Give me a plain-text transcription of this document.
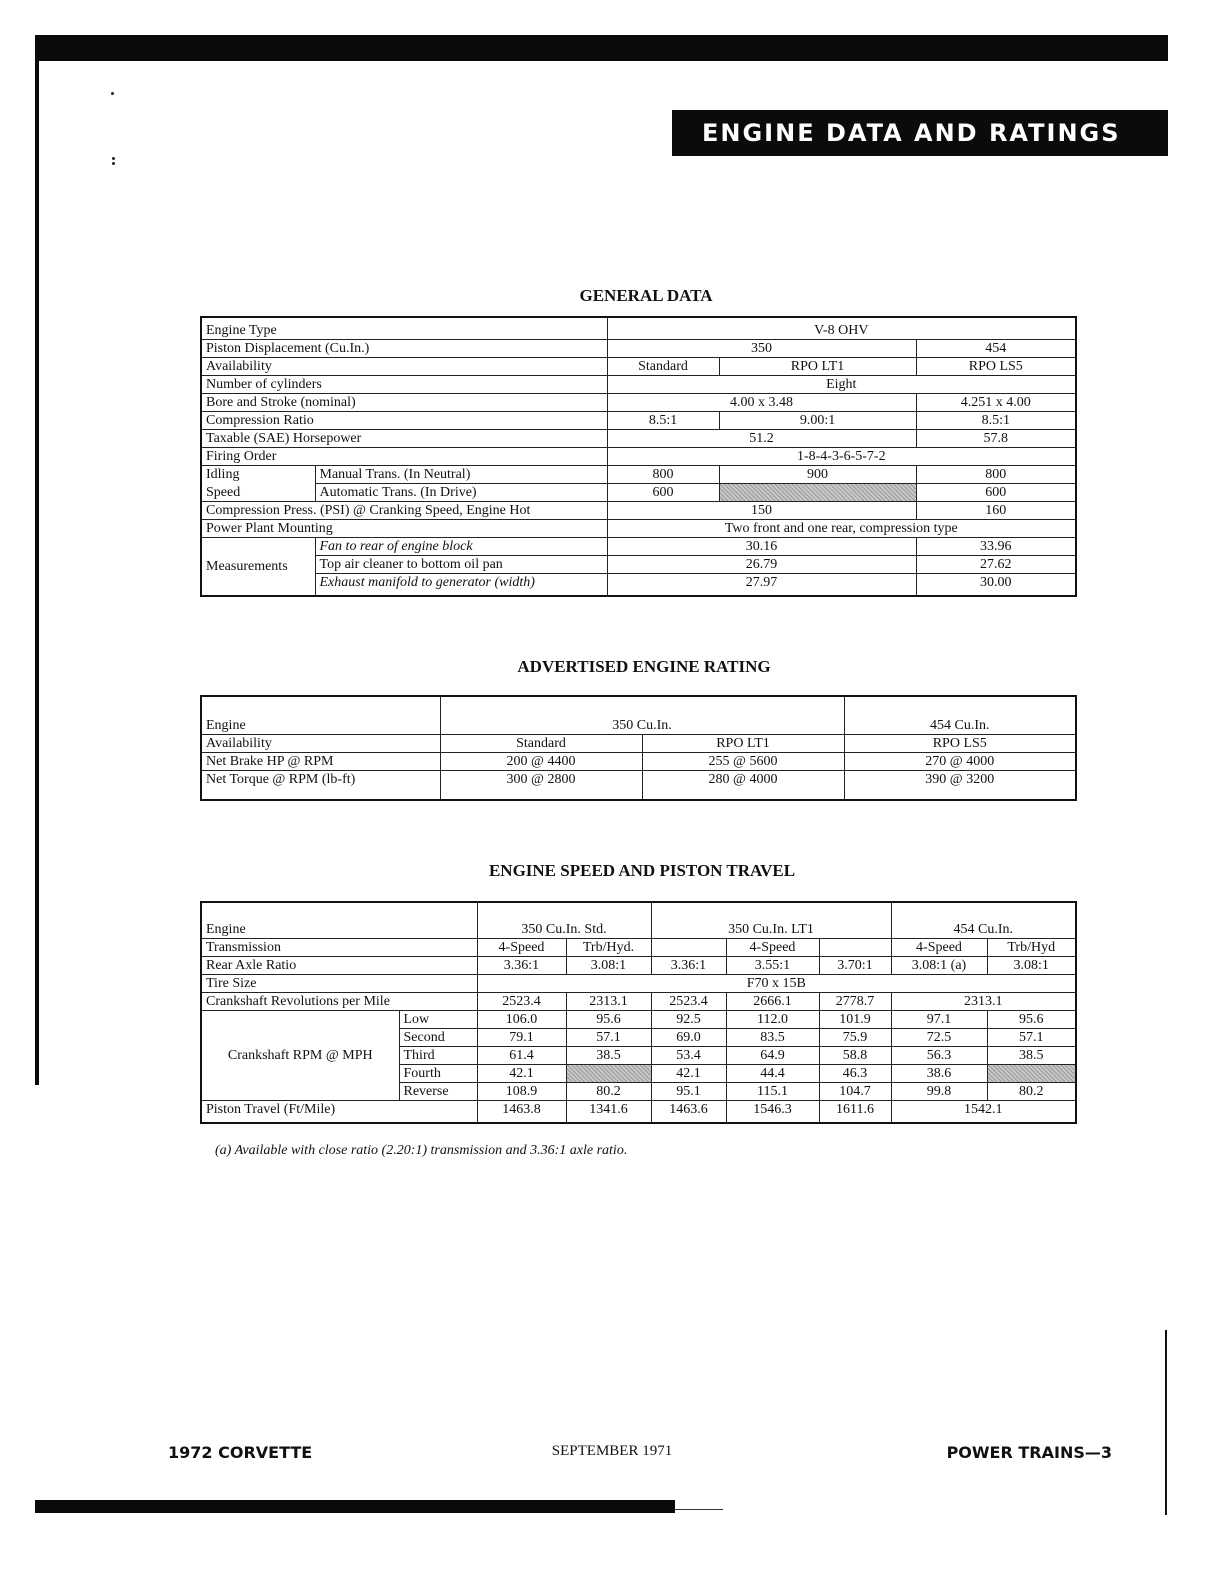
ENGINE DATA AND RATINGS
GENERAL DATA
Engine Type		V-8 OHV		
Piston Displacement (Cu.In.)		350		454
Availability		Standard	RPO LT1	RPO LS5
Number of cylinders		Eight		
Bore and Stroke (nominal)		4.00 x 3.48		4.251 x 4.00
Compression Ratio		8.5:1	9.00:1	8.5:1
Taxable (SAE) Horsepower		51.2		57.8
Firing Order		1-8-4-3-6-5-7-2		
Idling	Manual Trans. (In Neutral)	800	900	800
Speed	Automatic Trans. (In Drive)	600		600
Compression Press. (PSI) @ Cranking Speed, Engine Hot		150		160
Power Plant Mounting		Two front and one rear, compression type		
Measurements	Fan to rear of engine block	30.16		33.96
	Top air cleaner to bottom oil pan	26.79		27.62
	Exhaust manifold to generator (width)	27.97		30.00
ADVERTISED ENGINE RATING
Engine	350 Cu.In.		454 Cu.In.
Availability	Standard	RPO LT1	RPO LS5
Net Brake HP @ RPM	200 @ 4400	255 @ 5600	270 @ 4000
Net Torque @ RPM (lb-ft)	300 @ 2800	280 @ 4000	390 @ 3200
ENGINE SPEED AND PISTON TRAVEL
Engine		350 Cu.In. Std.		350 Cu.In. LT1			454 Cu.In.	
Transmission		4-Speed	Trb/Hyd.		4-Speed		4-Speed	Trb/Hyd
Rear Axle Ratio		3.36:1	3.08:1	3.36:1	3.55:1	3.70:1	3.08:1 (a)	3.08:1
Tire Size		F70 x 15B						
Crankshaft Revolutions per Mile		2523.4	2313.1	2523.4	2666.1	2778.7	2313.1	
Crankshaft RPM @ MPH	Low	106.0	95.6	92.5	112.0	101.9	97.1	95.6
	Second	79.1	57.1	69.0	83.5	75.9	72.5	57.1
	Third	61.4	38.5	53.4	64.9	58.8	56.3	38.5
	Fourth	42.1		42.1	44.4	46.3	38.6	
	Reverse	108.9	80.2	95.1	115.1	104.7	99.8	80.2
Piston Travel (Ft/Mile)		1463.8	1341.6	1463.6	1546.3	1611.6	1542.1	
(a) Available with close ratio (2.20:1) transmission and 3.36:1 axle ratio.
1972 CORVETTE	SEPTEMBER 1971	POWER TRAINS—3
